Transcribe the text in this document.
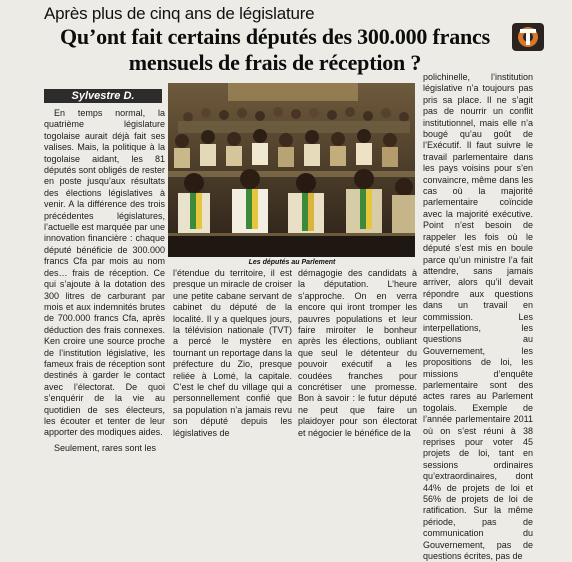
Après plus de cinq ans de législature
Qu’ont fait certains députés des 300.000 francs
mensuels de frais de réception ?
Sylvestre D.

En temps normal, la quatrième législature togolaise aurait déjà fait ses valises. Mais, la politique à la togolaise aidant, les 81 députés sont obligés de rester en poste jusqu’aux résultats des élections législatives à venir. A la différence des trois précédentes législatures, l’actuelle est marquée par une innovation financière : chaque député bénéficie de 300.000 francs Cfa par mois au nom des… frais de réception. Ce qui s’ajoute à la dotation des 300 litres de carburant par mois et aux indemnités brutes de 700.000 francs Cfa, après déduction des frais connexes. Ken croire une source proche de l’institution législative, les fameux frais de réception sont destinés à garder le contact avec l’électorat. De quoi s’enquérir de la vie au quotidien de ses électeurs, les écouter et tenter de leur apporter des modiques aides.

Seulement, rares sont les

Les députés au Parlement

l’étendue du territoire, il est presque un miracle de croiser une petite cabane servant de cabinet du député de la localité. Il y a quelques jours, la télévision nationale (TVT) a percé le mystère en tournant un reportage dans la préfecture du Zio, presque reliée à Lomé, la capitale. C’est le chef du village qui a personnellement confié que sa population n’a jamais revu son député depuis les législatives de

démagogie des candidats à la députation. L’heure s’approche. On en verra encore qui iront tromper les pauvres populations et leur faire miroiter le bonheur après les élections, oubliant que seul le détenteur du pouvoir exécutif a les coudées franches pour concrétiser une promesse. Bon à savoir : le futur député ne peut que faire un plaidoyer pour son électorat et négocier le bénéfice de la

polichinelle, l’institution législative n’a toujours pas pris sa place. Il ne s’agit pas de nourrir un conflit institutionnel, mais elle n’a bougé qu’au goût de l’Exécutif. Il faut suivre le travail parlementaire dans les pays voisins pour s’en convaincre, même dans les cas où la majorité parlementaire coïncide avec la majorité exécutive. Point n’est besoin de rappeler les fois où le député s’est mis en boule parce qu’un ministre l’a fait attendre, sans jamais arriver, alors qu’il devait répondre aux questions dans un travail en commission. Les interpellations, les questions au Gouvernement, les propositions de loi, les missions d’enquête parlementaire sont des actes rares au Parlement togolais. Exemple de l’année parlementaire 2011 où on s’est réuni à 38 reprises pour voter 45 projets de loi, tant en sessions ordinaires qu’extraordinaires, dont 44% de projets de loi et 56% de projets de loi de ratification. Sur la même période, pas de communication du Gouvernement, pas de questions écrites, pas de
